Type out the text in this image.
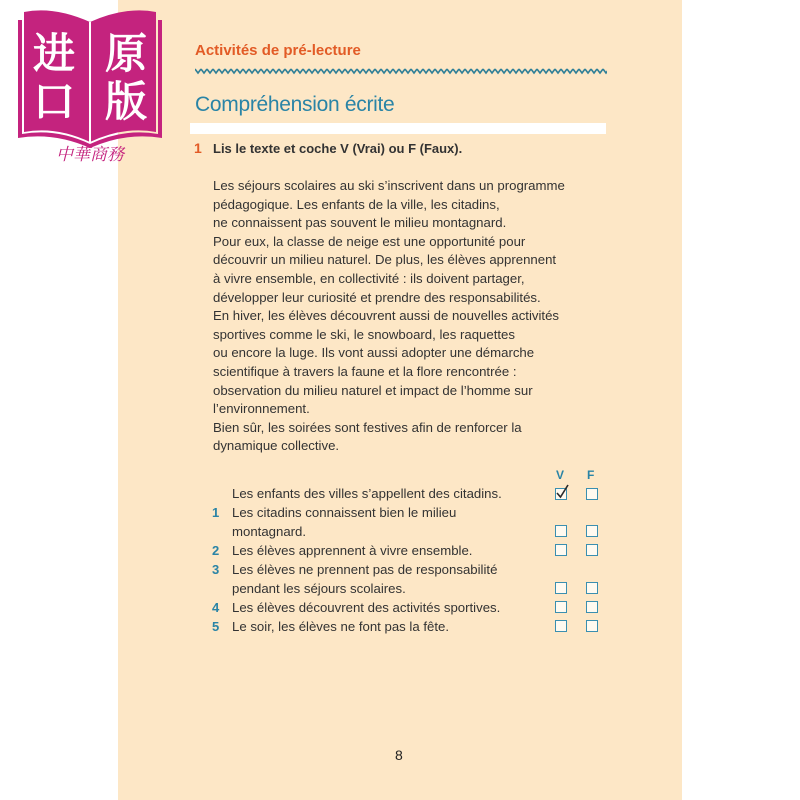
进 原
口 版
中華商務
Activités de pré-lecture
Compréhension écrite
1 Lis le texte et coche V (Vrai) ou F (Faux).
Les séjours scolaires au ski s’inscrivent dans un programme
pédagogique. Les enfants de la ville, les citadins,
ne connaissent pas souvent le milieu montagnard.
Pour eux, la classe de neige est une opportunité pour
découvrir un milieu naturel. De plus, les élèves apprennent
à vivre ensemble, en collectivité : ils doivent partager,
développer leur curiosité et prendre des responsabilités.
En hiver, les élèves découvrent aussi de nouvelles activités
sportives comme le ski, le snowboard, les raquettes
ou encore la luge. Ils vont aussi adopter une démarche
scientifique à travers la faune et la flore rencontrée :
observation du milieu naturel et impact de l’homme sur
l’environnement.
Bien sûr, les soirées sont festives afin de renforcer la
dynamique collective.
V F
Les enfants des villes s’appellent des citadins.
1 Les citadins connaissent bien le milieu
montagnard.
2 Les élèves apprennent à vivre ensemble.
3 Les élèves ne prennent pas de responsabilité
pendant les séjours scolaires.
4 Les élèves découvrent des activités sportives.
5 Le soir, les élèves ne font pas la fête.
8
